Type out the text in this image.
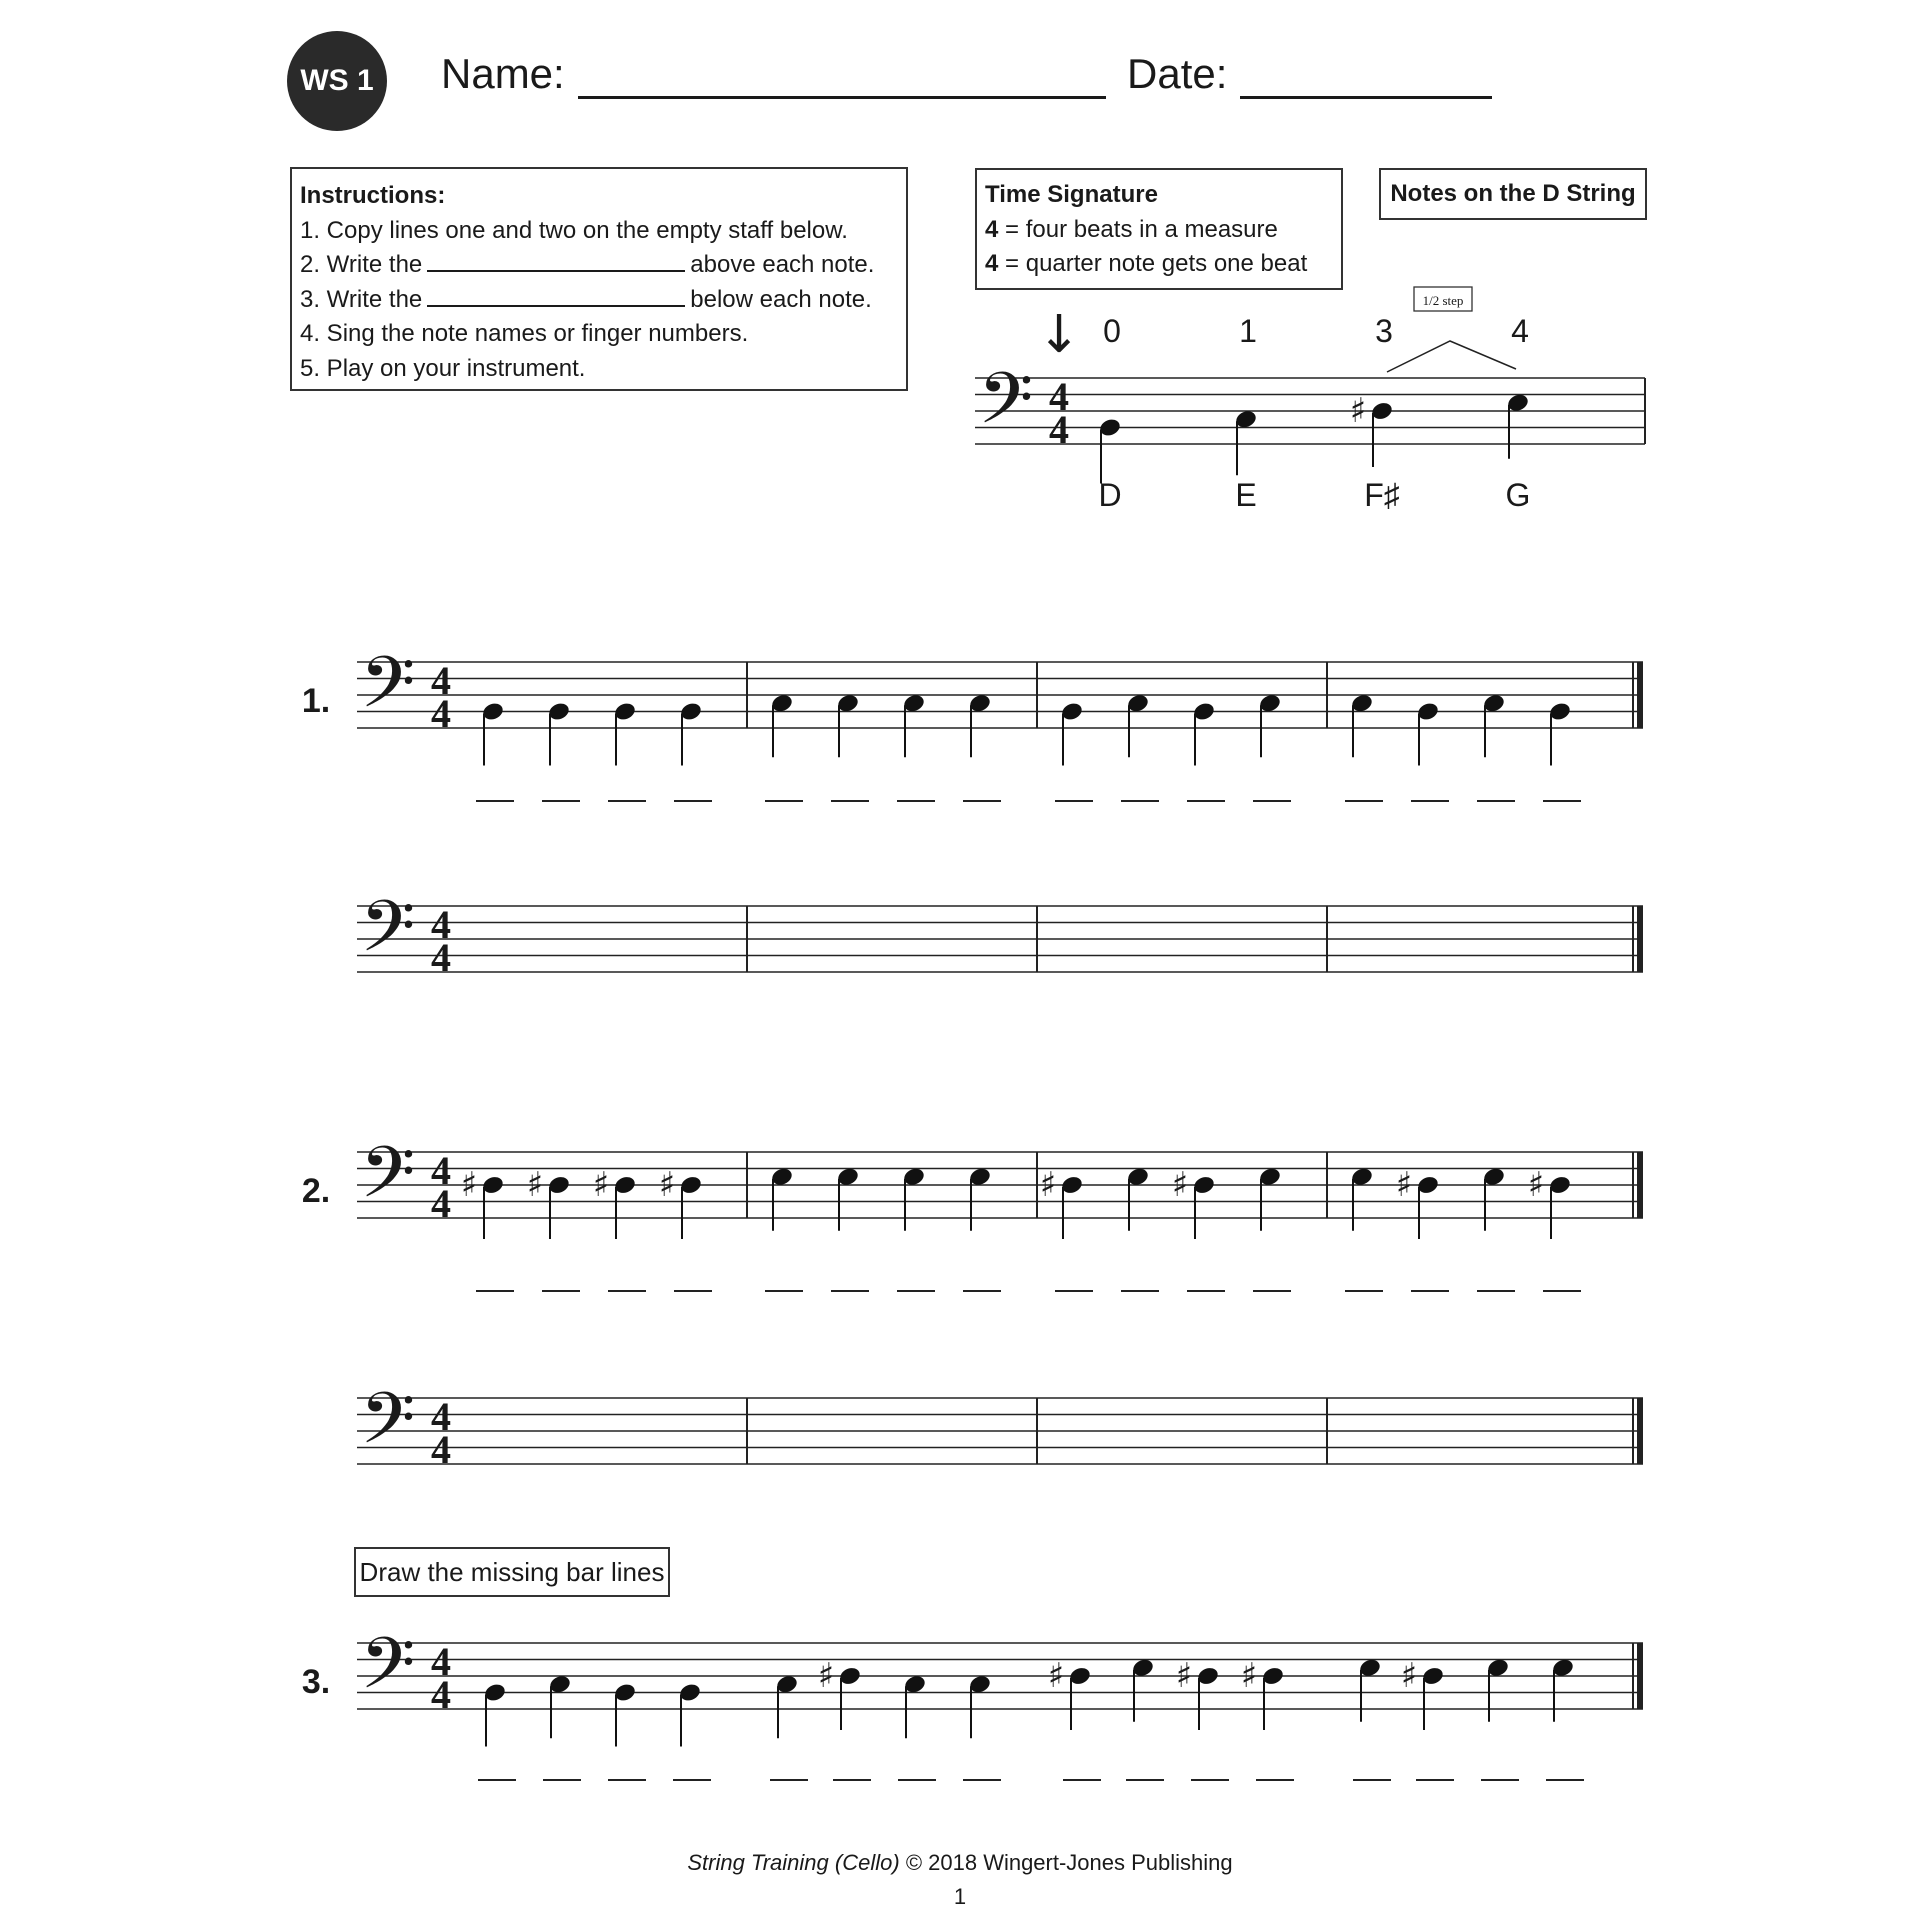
WS 1 Name:	Date:
Instructions:
1. Copy lines one and two on the empty staff below.
2. Write the	above each note.
3. Write the	below each note.
4. Sing the note names or finger numbers.
5. Play on your instrument.
Time Signature
4 = four beats in a measure
4 = quarter note gets one beat
Notes on the D String
Draw the missing bar lines
𝄢 4
4
0
D
1
E
♯
3
F♯
4
G
↓
1/2 step
𝄢 4
4
1.
𝄢 4
4
𝄢 4
4
2.	♯ ♯ ♯ ♯	♯	♯	♯	♯
𝄢 4
4
𝄢 4
4
3.	♯	♯	♯ ♯	♯
String Training (Cello) © 2018 Wingert-Jones Publishing
1
